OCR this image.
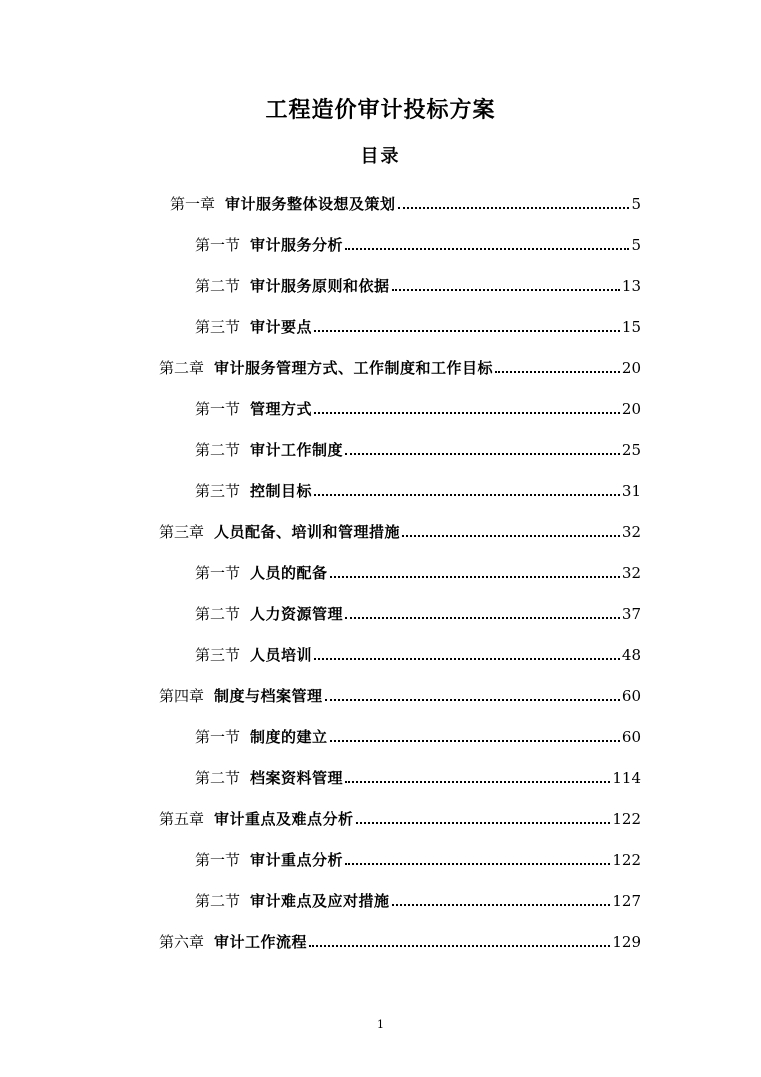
工程造价审计投标方案
目录
第一章 审计服务整体设想及策划	5
第一节 审计服务分析	5
第二节 审计服务原则和依据	13
第三节 审计要点	15
第二章 审计服务管理方式、工作制度和工作目标	20
第一节 管理方式	20
第二节 审计工作制度	25
第三节 控制目标	31
第三章 人员配备、培训和管理措施	32
第一节 人员的配备	32
第二节 人力资源管理	37
第三节 人员培训	48
第四章 制度与档案管理	60
第一节 制度的建立	60
第二节 档案资料管理	114
第五章 审计重点及难点分析	122
第一节 审计重点分析	122
第二节 审计难点及应对措施	127
第六章 审计工作流程	129
1
